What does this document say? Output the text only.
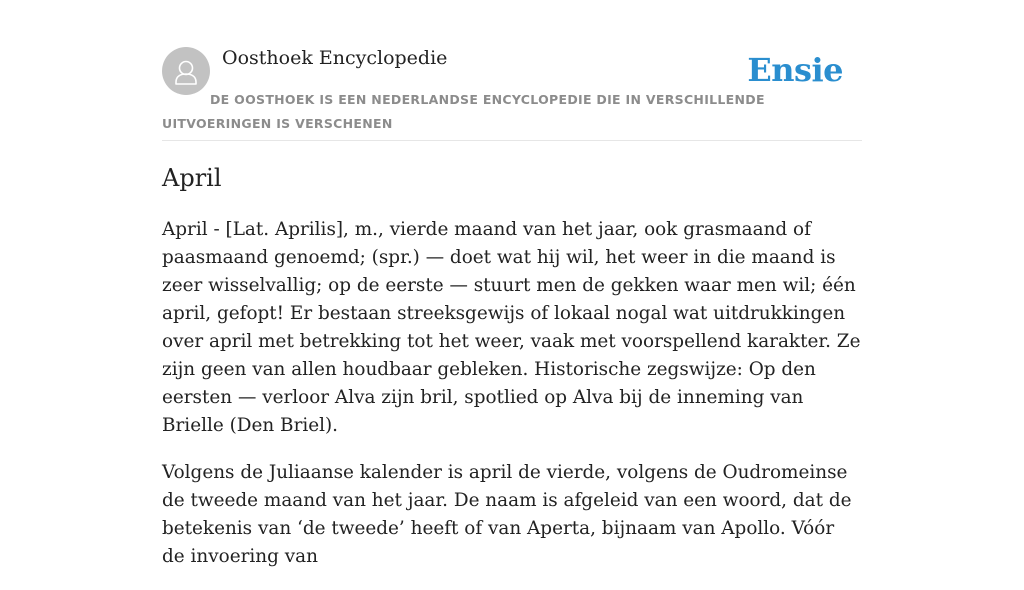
Oosthoek Encyclopedie	Ensie
DE OOSTHOEK IS EEN NEDERLANDSE ENCYCLOPEDIE DIE IN VERSCHILLENDE UITVOERINGEN IS VERSCHENEN
April

April - [Lat. Aprilis], m., vierde maand van het jaar, ook grasmaand of paasmaand genoemd; (spr.) — doet wat hij wil, het weer in die maand is zeer wisselvallig; op de eerste — stuurt men de gekken waar men wil; één april, gefopt! Er bestaan streeksgewijs of lokaal nogal wat uitdrukkingen over april met betrekking tot het weer, vaak met voorspellend karakter. Ze zijn geen van allen houdbaar gebleken. Historische zegswijze: Op den eersten — verloor Alva zijn bril, spotlied op Alva bij de inneming van Brielle (Den Briel).

Volgens de Juliaanse kalender is april de vierde, volgens de Oudromeinse de tweede maand van het jaar. De naam is afgeleid van een woord, dat de betekenis van ‘de tweede’ heeft of van Aperta, bijnaam van Apollo. Vóór de invoering van
